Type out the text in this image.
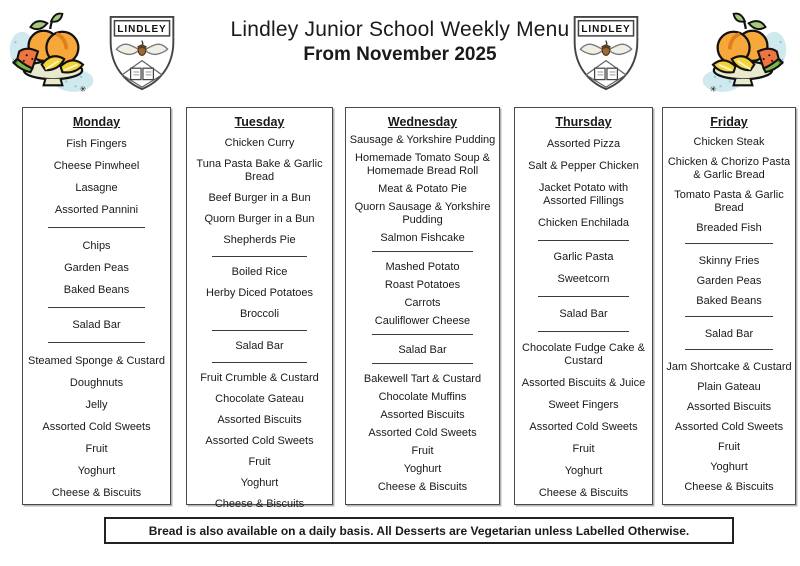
✳
✳
LINDLEY	Lindley Junior School Weekly Menu
From November 2025
LINDLEY
✳
✳
Monday
Fish Fingers
Cheese Pinwheel
Lasagne
Assorted Pannini
Chips
Garden Peas
Baked Beans
Salad Bar
Steamed Sponge & Custard
Doughnuts
Jelly
Assorted Cold Sweets
Fruit
Yoghurt
Cheese & Biscuits
Tuesday
Chicken Curry
Tuna Pasta Bake & Garlic Bread
Beef Burger in a Bun
Quorn Burger in a Bun
Shepherds Pie
Boiled Rice
Herby Diced Potatoes
Broccoli
Salad Bar
Fruit Crumble & Custard
Chocolate Gateau
Assorted Biscuits
Assorted Cold Sweets
Fruit
Yoghurt
Cheese & Biscuits
Wednesday
Sausage & Yorkshire Pudding
Homemade Tomato Soup & Homemade Bread Roll
Meat & Potato Pie
Quorn Sausage & Yorkshire Pudding
Salmon Fishcake
Mashed Potato
Roast Potatoes
Carrots
Cauliflower Cheese
Salad Bar
Bakewell Tart & Custard
Chocolate Muffins
Assorted Biscuits
Assorted Cold Sweets
Fruit
Yoghurt
Cheese & Biscuits
Thursday
Assorted Pizza
Salt & Pepper Chicken
Jacket Potato with Assorted Fillings
Chicken Enchilada
Garlic Pasta
Sweetcorn
Salad Bar
Chocolate Fudge Cake & Custard
Assorted Biscuits & Juice
Sweet Fingers
Assorted Cold Sweets
Fruit
Yoghurt
Cheese & Biscuits
Friday
Chicken Steak
Chicken & Chorizo Pasta & Garlic Bread
Tomato Pasta & Garlic Bread
Breaded Fish
Skinny Fries
Garden Peas
Baked Beans
Salad Bar
Jam Shortcake & Custard
Plain Gateau
Assorted Biscuits
Assorted Cold Sweets
Fruit
Yoghurt
Cheese & Biscuits
Bread is also available on a daily basis. All Desserts are Vegetarian unless Labelled Otherwise.
